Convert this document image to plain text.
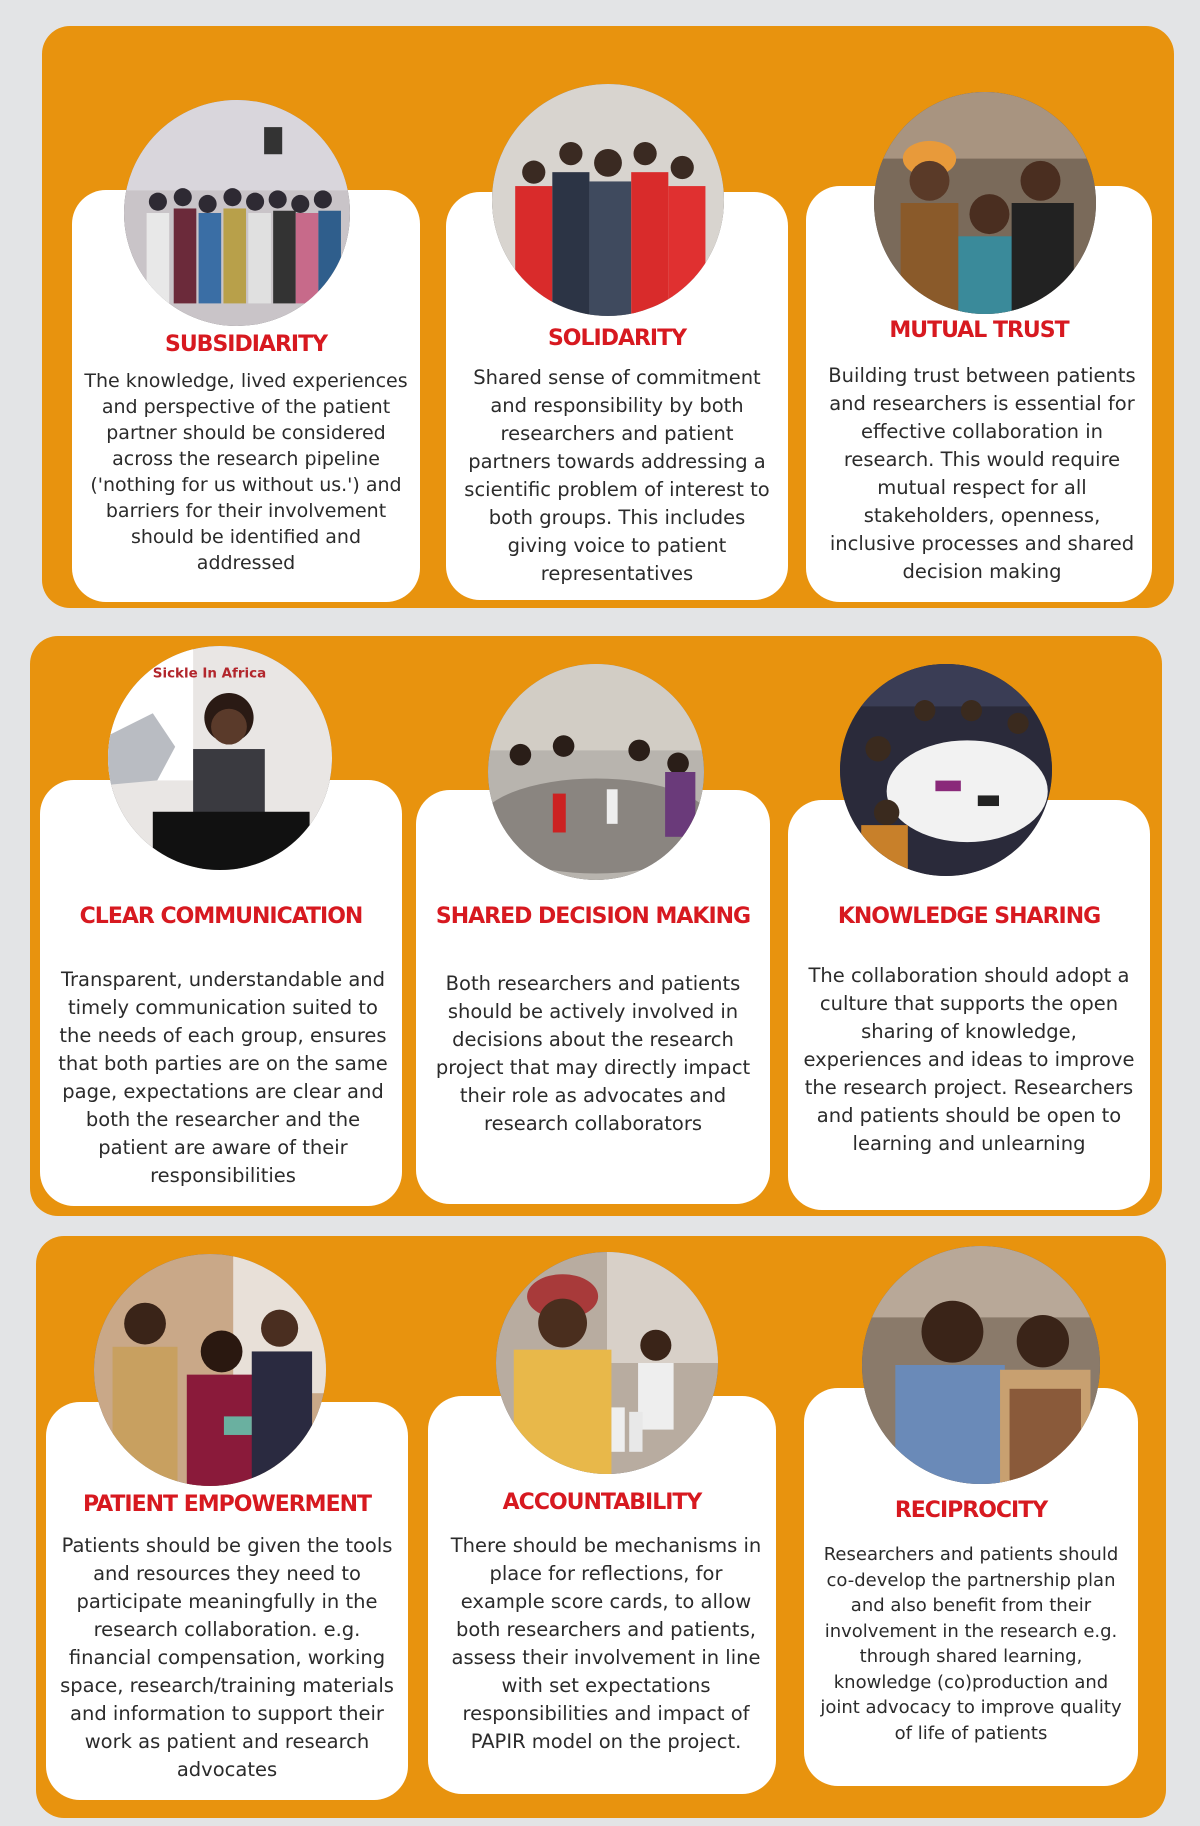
SUBSIDIARITY

The knowledge, lived experiences and perspective of the patient partner should be considered across the research pipeline ('nothing for us without us.') and barriers for their involvement should be identified and addressed

SOLIDARITY

Shared sense of commitment and responsibility by both researchers and patient partners towards addressing a scientific problem of interest to both groups. This includes giving voice to patient representatives

MUTUAL TRUST

Building trust between patients and researchers is essential for effective collaboration in research. This would require mutual respect for all stakeholders, openness, inclusive processes and shared decision making

CLEAR COMMUNICATION

Transparent, understandable and timely communication suited to the needs of each group, ensures that both parties are on the same page, expectations are clear and both the researcher and the patient are aware of their responsibilities

Sickle In Africa
SHARED DECISION MAKING

Both researchers and patients should be actively involved in decisions about the research project that may directly impact their role as advocates and research collaborators

KNOWLEDGE SHARING

The collaboration should adopt a culture that supports the open sharing of knowledge, experiences and ideas to improve the research project. Researchers and patients should be open to learning and unlearning

PATIENT EMPOWERMENT

Patients should be given the tools and resources they need to participate meaningfully in the research collaboration. e.g. financial compensation, working space, research/training materials and information to support their work as patient and research advocates

ACCOUNTABILITY

There should be mechanisms in place for reflections, for example score cards, to allow both researchers and patients, assess their involvement in line with set expectations responsibilities and impact of PAPIR model on the project.

RECIPROCITY

Researchers and patients should co-develop the partnership plan and also benefit from their involvement in the research e.g. through shared learning, knowledge (co)production and joint advocacy to improve quality of life of patients
